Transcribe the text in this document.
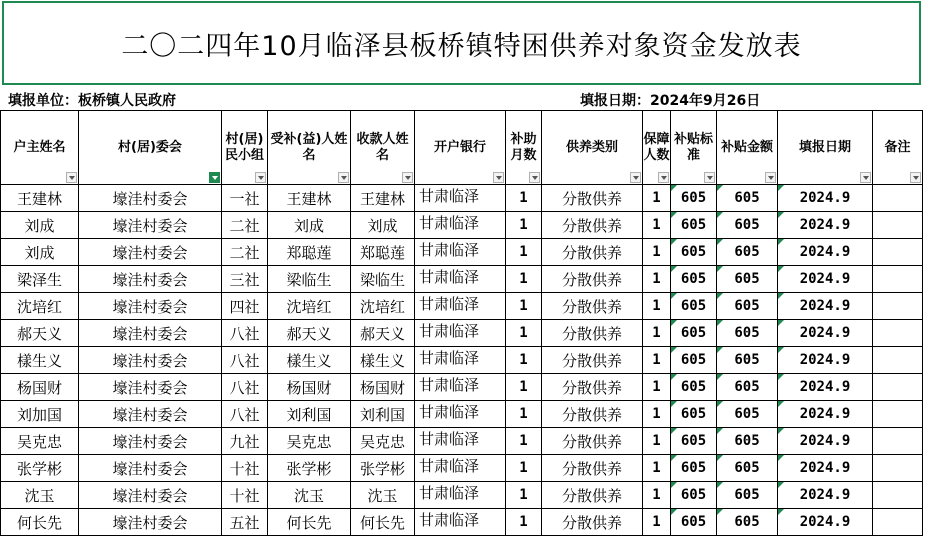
二〇二四年10月临泽县板桥镇特困供养对象资金发放表
填报单位：板桥镇人民政府	填报日期：2024年9月26日
户主姓名	村(居)委会	村(居)民小组	受补(益)人姓名	收款人姓名	开户银行	补助月数	供养类别	保障人数	补贴标准	补贴金额	填报日期	备注

王建林	壕洼村委会	一社	王建林	王建林	甘肃临泽	1	分散供养	1	605	605	2024.9

刘成	壕洼村委会	二社	刘成	刘成	甘肃临泽	1	分散供养	1	605	605	2024.9

刘成	壕洼村委会	二社	郑聪莲	郑聪莲	甘肃临泽	1	分散供养	1	605	605	2024.9

梁泽生	壕洼村委会	三社	梁临生	梁临生	甘肃临泽	1	分散供养	1	605	605	2024.9

沈培红	壕洼村委会	四社	沈培红	沈培红	甘肃临泽	1	分散供养	1	605	605	2024.9

郝天义	壕洼村委会	八社	郝天义	郝天义	甘肃临泽	1	分散供养	1	605	605	2024.9

樣生义	壕洼村委会	八社	樣生义	樣生义	甘肃临泽	1	分散供养	1	605	605	2024.9

杨国财	壕洼村委会	八社	杨国财	杨国财	甘肃临泽	1	分散供养	1	605	605	2024.9

刘加国	壕洼村委会	八社	刘利国	刘利国	甘肃临泽	1	分散供养	1	605	605	2024.9

吴克忠	壕洼村委会	九社	吴克忠	吴克忠	甘肃临泽	1	分散供养	1	605	605	2024.9

张学彬	壕洼村委会	十社	张学彬	张学彬	甘肃临泽	1	分散供养	1	605	605	2024.9

沈玉	壕洼村委会	十社	沈玉	沈玉	甘肃临泽	1	分散供养	1	605	605	2024.9

何长先	壕洼村委会	五社	何长先	何长先	甘肃临泽	1	分散供养	1	605	605	2024.9
